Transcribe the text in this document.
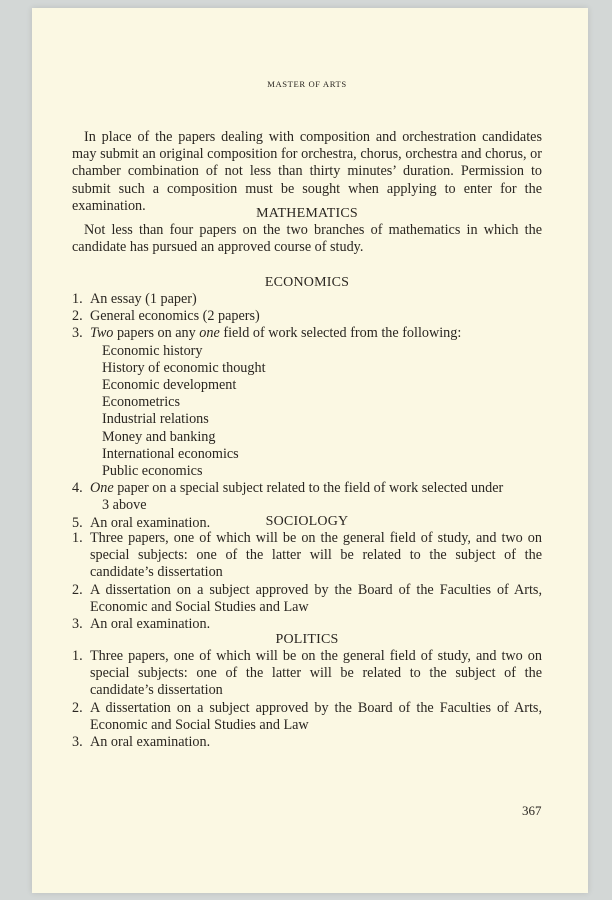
MASTER OF ARTS

In place of the papers dealing with composition and orchestration candidates may submit an original composition for orchestra, chorus, orchestra and chorus, or chamber combination of not less than thirty minutes’ duration. Permission to submit such a composition must be sought when applying to enter for the examination.	MATHEMATICS

Not less than four papers on the two branches of mathematics in which the candidate has pursued an approved course of study.

ECONOMICS
1. An essay (1 paper)
2. General economics (2 papers)
3. Two papers on any one field of work selected from the following:
Economic history
History of economic thought
Economic development
Econometrics
Industrial relations
Money and banking
International economics
Public economics
4. One paper on a special subject related to the field of work selected under
3 above
5. An oral examination.	SOCIOLOGY
1. Three papers, one of which will be on the general field of study, and two on special subjects: one of the latter will be related to the subject of the candidate’s dissertation
2. A dissertation on a subject approved by the Board of the Faculties of Arts, Economic and Social Studies and Law
3. An oral examination.
POLITICS
1. Three papers, one of which will be on the general field of study, and two on special subjects: one of the latter will be related to the subject of the candidate’s dissertation
2. A dissertation on a subject approved by the Board of the Faculties of Arts, Economic and Social Studies and Law
3. An oral examination.
367
